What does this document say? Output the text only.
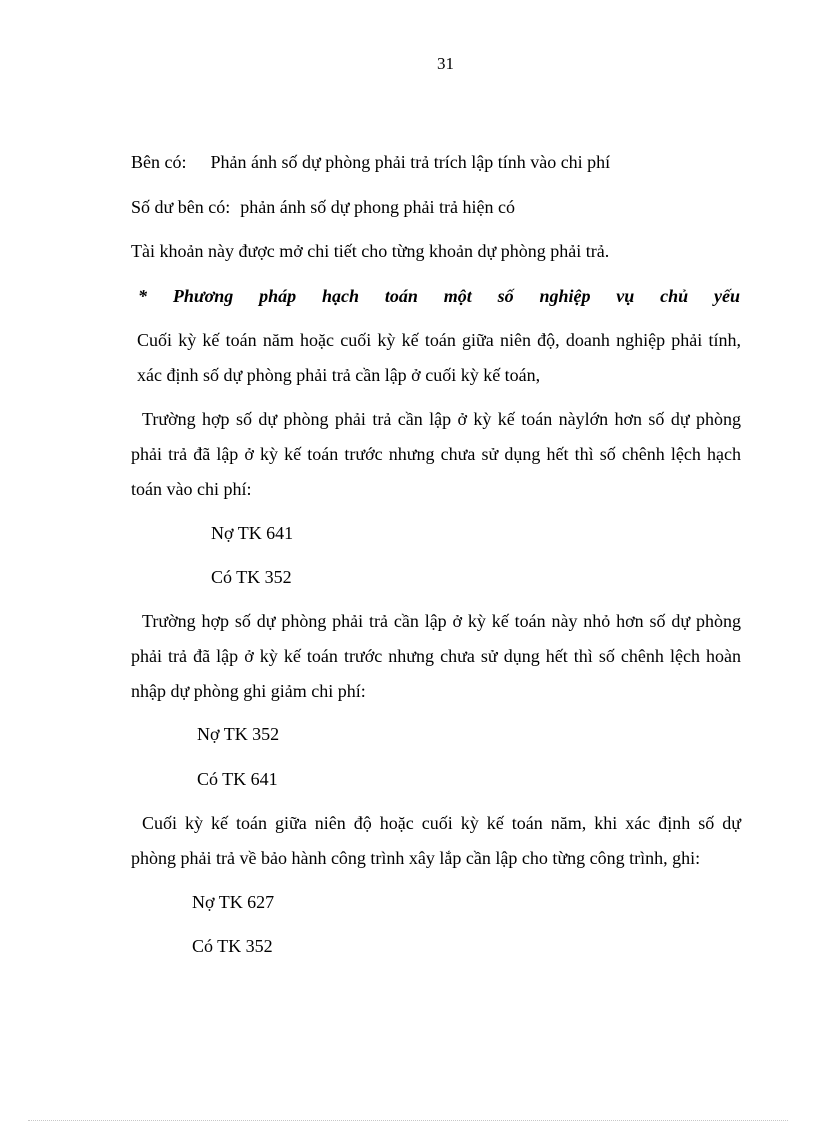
31
Bên có: Phản ánh số dự phòng phải trả trích lập tính vào chi phí
Số dư bên có: phản ánh số dự phong phải trả hiện có
Tài khoản này được mở chi tiết cho từng khoản dự phòng phải trả.
* Phương pháp hạch toán một số nghiệp vụ chủ yếu
Cuối kỳ kế toán năm hoặc cuối kỳ kế toán giữa niên độ, doanh nghiệp phải tính,
xác định số dự phòng phải trả cần lập ở cuối kỳ kế toán,
Trường hợp số dự phòng phải trả cần lập ở kỳ kế toán nàylớn hơn số dự phòng
phải trả đã lập ở kỳ kế toán trước nhưng chưa sử dụng hết thì số chênh lệch hạch
toán vào chi phí:
Nợ TK 641
Có TK 352
Trường hợp số dự phòng phải trả cần lập ở kỳ kế toán này nhỏ hơn số dự phòng
phải trả đã lập ở kỳ kế toán trước nhưng chưa sử dụng hết thì số chênh lệch hoàn
nhập dự phòng ghi giảm chi phí:
Nợ TK 352
Có TK 641
Cuối kỳ kế toán giữa niên độ hoặc cuối kỳ kế toán năm, khi xác định số dự
phòng phải trả về bảo hành công trình xây lắp cần lập cho từng công trình, ghi:
Nợ TK 627
Có TK 352
